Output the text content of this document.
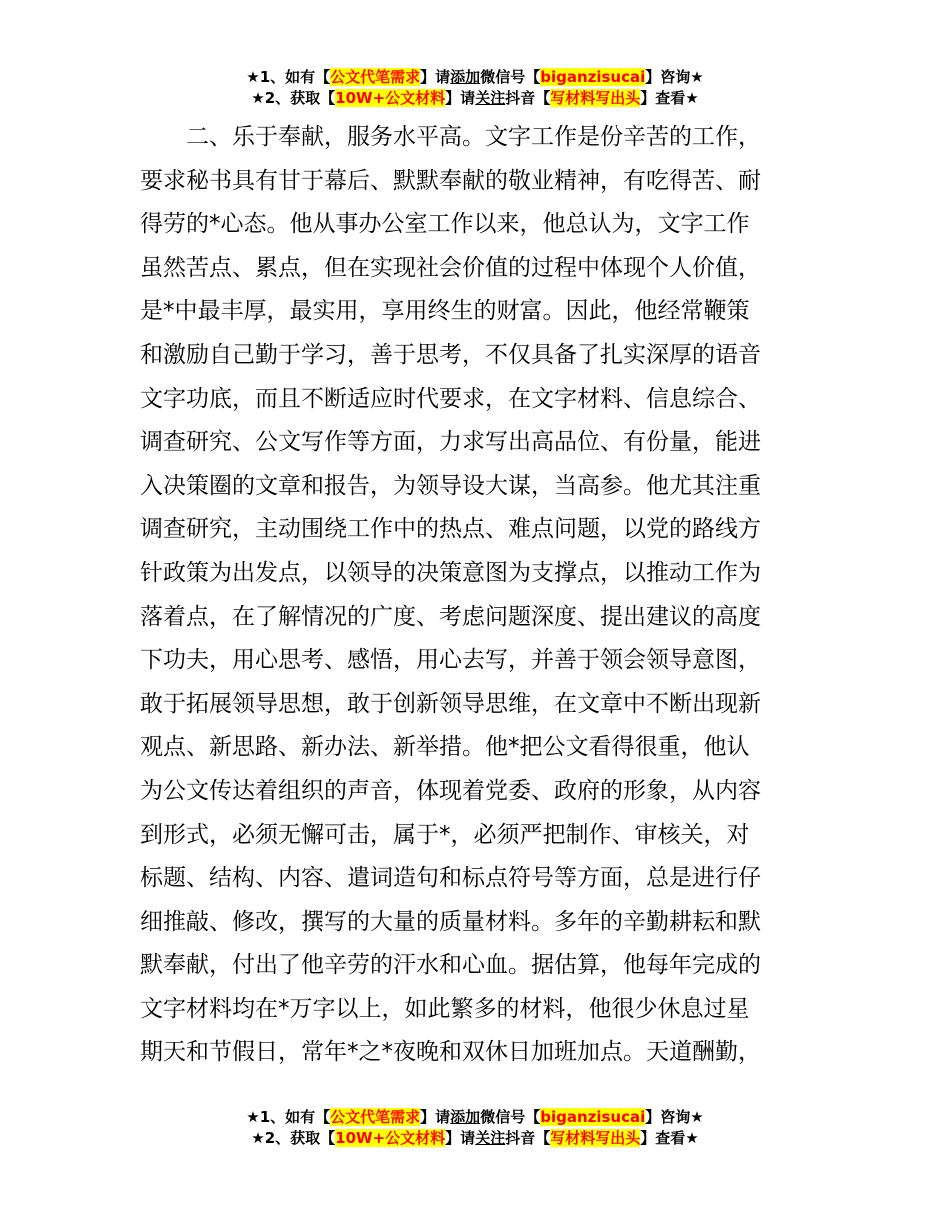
★1、如有【公文代笔需求】请添加微信号【biganzisucai】咨询★
★2、获取【10W+公文材料】请关注抖音【写材料写出头】查看★
二、乐于奉献，服务水平高。文字工作是份辛苦的工作，
要求秘书具有甘于幕后、默默奉献的敬业精神，有吃得苦、耐
得劳的*心态。他从事办公室工作以来，他总认为，文字工作
虽然苦点、累点，但在实现社会价值的过程中体现个人价值，
是*中最丰厚，最实用，享用终生的财富。因此，他经常鞭策
和激励自己勤于学习，善于思考，不仅具备了扎实深厚的语音
文字功底，而且不断适应时代要求，在文字材料、信息综合、
调查研究、公文写作等方面，力求写出高品位、有份量，能进
入决策圈的文章和报告，为领导设大谋，当高参。他尤其注重
调查研究，主动围绕工作中的热点、难点问题，以党的路线方
针政策为出发点，以领导的决策意图为支撑点，以推动工作为
落着点，在了解情况的广度、考虑问题深度、提出建议的高度
下功夫，用心思考、感悟，用心去写，并善于领会领导意图，
敢于拓展领导思想，敢于创新领导思维，在文章中不断出现新
观点、新思路、新办法、新举措。他*把公文看得很重，他认
为公文传达着组织的声音，体现着党委、政府的形象，从内容
到形式，必须无懈可击，属于*，必须严把制作、审核关，对
标题、结构、内容、遣词造句和标点符号等方面，总是进行仔
细推敲、修改，撰写的大量的质量材料。多年的辛勤耕耘和默
默奉献，付出了他辛劳的汗水和心血。据估算，他每年完成的
文字材料均在*万字以上，如此繁多的材料，他很少休息过星
期天和节假日，常年*之*夜晚和双休日加班加点。天道酬勤，
★1、如有【公文代笔需求】请添加微信号【biganzisucai】咨询★
★2、获取【10W+公文材料】请关注抖音【写材料写出头】查看★
